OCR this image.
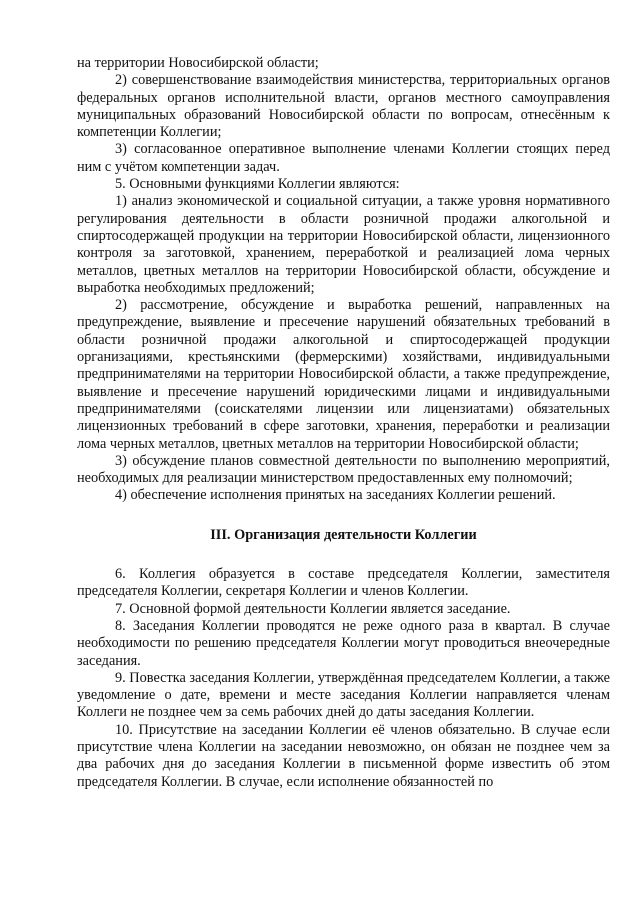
на территории Новосибирской области;

2) совершенствование взаимодействия министерства, территориальных органов федеральных органов исполнительной власти, органов местного самоуправления муниципальных образований Новосибирской области по вопросам, отнесённым к компетенции Коллегии;

3) согласованное оперативное выполнение членами Коллегии стоящих перед ним с учётом компетенции задач.

5. Основными функциями Коллегии являются:

1) анализ экономической и социальной ситуации, а также уровня нормативного регулирования деятельности в области розничной продажи алкогольной и спиртосодержащей продукции на территории Новосибирской области, лицензионного контроля за заготовкой, хранением, переработкой и реализацией лома черных металлов, цветных металлов на территории Новосибирской области, обсуждение и выработка необходимых предложений;

2) рассмотрение, обсуждение и выработка решений, направленных на предупреждение, выявление и пресечение нарушений обязательных требований в области розничной продажи алкогольной и спиртосодержащей продукции организациями, крестьянскими (фермерскими) хозяйствами, индивидуальными предпринимателями на территории Новосибирской области, а также предупреждение, выявление и пресечение нарушений юридическими лицами и индивидуальными предпринимателями (соискателями лицензии или лицензиатами) обязательных лицензионных требований в сфере заготовки, хранения, переработки и реализации лома черных металлов, цветных металлов на территории Новосибирской области;

3) обсуждение планов совместной деятельности по выполнению мероприятий, необходимых для реализации министерством предоставленных ему полномочий;

4) обеспечение исполнения принятых на заседаниях Коллегии решений.

III. Организация деятельности Коллегии

6. Коллегия образуется в составе председателя Коллегии, заместителя председателя Коллегии, секретаря Коллегии и членов Коллегии.

7. Основной формой деятельности Коллегии является заседание.

8. Заседания Коллегии проводятся не реже одного раза в квартал. В случае необходимости по решению председателя Коллегии могут проводиться внеочередные заседания.

9. Повестка заседания Коллегии, утверждённая председателем Коллегии, а также уведомление о дате, времени и месте заседания Коллегии направляется членам Коллеги не позднее чем за семь рабочих дней до даты заседания Коллегии.

10. Присутствие на заседании Коллегии её членов обязательно. В случае если присутствие члена Коллегии на заседании невозможно, он обязан не позднее чем за два рабочих дня до заседания Коллегии в письменной форме известить об этом председателя Коллегии. В случае, если исполнение обязанностей по
